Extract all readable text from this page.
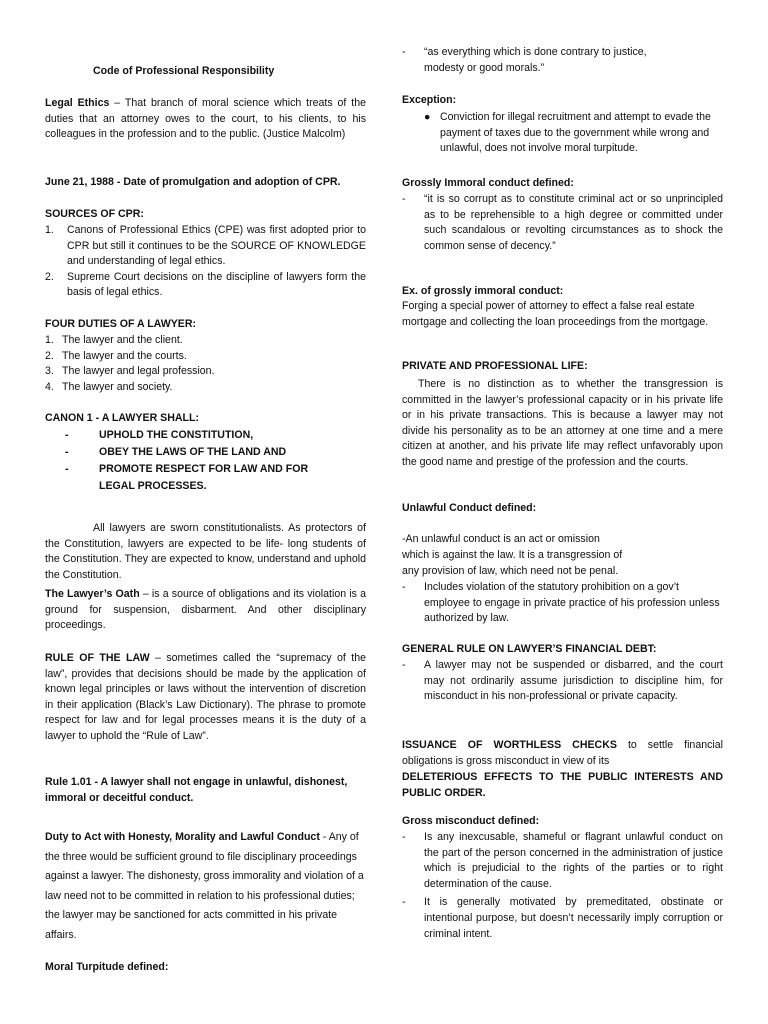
Code of Professional Responsibility

Legal Ethics – That branch of moral science which treats of the duties that an attorney owes to the court, to his clients, to his colleagues in the profession and to the public. (Justice Malcolm)

June 21, 1988 - Date of promulgation and adoption of CPR.

SOURCES OF CPR:

1. Canons of Professional Ethics (CPE) was first adopted prior to CPR but still it continues to be the SOURCE OF KNOWLEDGE and understanding of legal ethics.
2. Supreme Court decisions on the discipline of lawyers form the basis of legal ethics.

FOUR DUTIES OF A LAWYER:

1. The lawyer and the client.
2. The lawyer and the courts.
3. The lawyer and legal profession.
4. The lawyer and society.

CANON 1 - A LAWYER SHALL:

-	UPHOLD THE CONSTITUTION,
-	OBEY THE LAWS OF THE LAND AND
-	PROMOTE RESPECT FOR LAW AND FOR LEGAL PROCESSES.

All lawyers are sworn constitutionalists. As protectors of the Constitution, lawyers are expected to be life- long students of the Constitution. They are expected to know, understand and uphold the Constitution.

The Lawyer’s Oath – is a source of obligations and its violation is a ground for suspension, disbarment. And other disciplinary proceedings.

RULE OF THE LAW – sometimes called the “supremacy of the law”, provides that decisions should be made by the application of known legal principles or laws without the intervention of discretion in their application (Black’s Law Dictionary). The phrase to promote respect for law and for legal processes means it is the duty of a lawyer to uphold the “Rule of Law”.

Rule 1.01 - A lawyer shall not engage in unlawful, dishonest, immoral or deceitful conduct.

Duty to Act with Honesty, Morality and Lawful Conduct - Any of the three would be sufficient ground to file disciplinary proceedings against a lawyer. The dishonesty, gross immorality and violation of a law need not to be committed in relation to his professional duties; the lawyer may be sanctioned for acts committed in his private affairs.

Moral Turpitude defined:

- “as everything which is done contrary to justice, modesty or good morals.”

Exception:

● Conviction for illegal recruitment and attempt to evade the payment of taxes due to the government while wrong and unlawful, does not involve moral turpitude.

Grossly Immoral conduct defined:

- “it is so corrupt as to constitute criminal act or so unprincipled as to be reprehensible to a high degree or committed under such scandalous or revolting circumstances as to shock the common sense of decency.”

Ex. of grossly immoral conduct:

Forging a special power of attorney to effect a false real estate mortgage and collecting the loan proceedings from the mortgage.

PRIVATE AND PROFESSIONAL LIFE:

There is no distinction as to whether the transgression is committed in the lawyer’s professional capacity or in his private life or in his private transactions. This is because a lawyer may not divide his personality as to be an attorney at one time and a mere citizen at another, and his private life may reflect unfavorably upon the good name and prestige of the profession and the courts.

Unlawful Conduct defined:

-An unlawful conduct is an act or omission

which is against the law. It is a transgression of

any provision of law, which need not be penal.

- Includes violation of the statutory prohibition on a gov’t employee to engage in private practice of his profession unless authorized by law.

GENERAL RULE ON LAWYER’S FINANCIAL DEBT:

- A lawyer may not be suspended or disbarred, and the court may not ordinarily assume jurisdiction to discipline him, for misconduct in his non-professional or private capacity.

ISSUANCE OF WORTHLESS CHECKS to settle financial obligations is gross misconduct in view of its

DELETERIOUS EFFECTS TO THE PUBLIC INTERESTS AND PUBLIC ORDER.

Gross misconduct defined:

- Is any inexcusable, shameful or flagrant unlawful conduct on the part of the person concerned in the administration of justice which is prejudicial to the rights of the parties or to right determination of the cause.
- It is generally motivated by premeditated, obstinate or intentional purpose, but doesn’t necessarily imply corruption or criminal intent.
